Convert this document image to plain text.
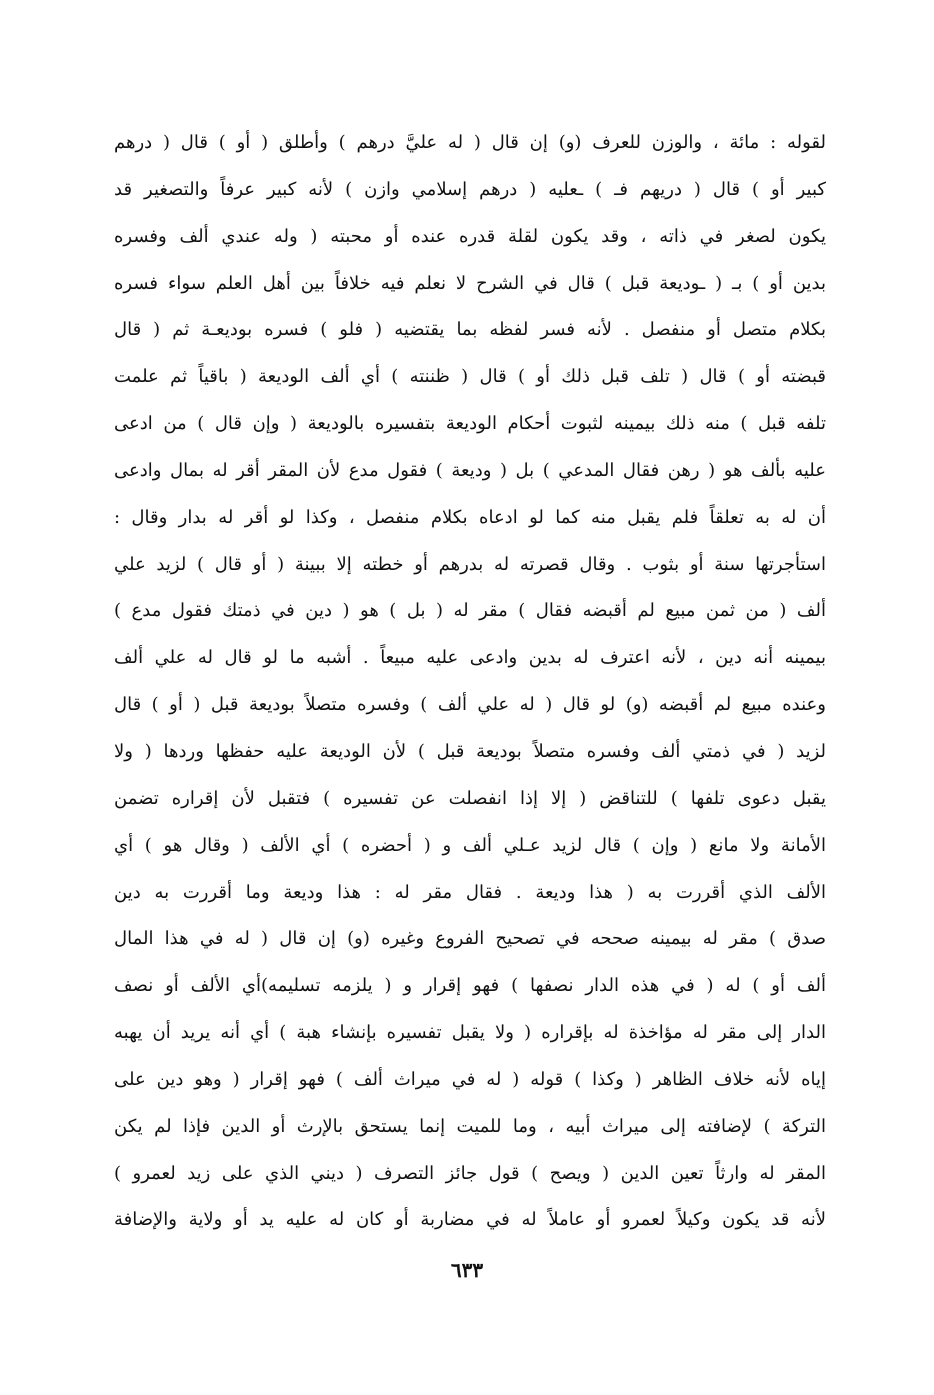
لقوله : مائة ، والوزن للعرف (و) إن قال ( له عليَّ درهم ) وأطلق ( أو ) قال ( درهم
كبير أو ) قال ( دريهم فـ ) ـعليه ( درهم إسلامي وازن ) لأنه كبير عرفاً والتصغير قد
يكون لصغر في ذاته ، وقد يكون لقلة قدره عنده أو محبته ( وله عندي ألف وفسره
بدين أو ) بـ ( ـوديعة قبل ) قال في الشرح لا نعلم فيه خلافاً بين أهل العلم سواء فسره
بكلام متصل أو منفصل . لأنه فسر لفظه بما يقتضيه ( فلو ) فسره بوديعـة ثم ( قال
قبضته أو ) قال ( تلف قبل ذلك أو ) قال ( ظننته ) أي ألف الوديعة ( باقياً ثم علمت
تلفه قبل ) منه ذلك بيمينه لثبوت أحكام الوديعة بتفسيره بالوديعة ( وإن قال ) من ادعى
عليه بألف هو ( رهن فقال المدعي ) بل ( وديعة ) فقول مدع لأن المقر أقر له بمال وادعى
أن له به تعلقاً فلم يقبل منه كما لو ادعاه بكلام منفصل ، وكذا لو أقر له بدار وقال :
استأجرتها سنة أو بثوب . وقال قصرته له بدرهم أو خطته إلا ببينة ( أو قال ) لزيد علي
ألف ( من ثمن مبيع لم أقبضه فقال ) مقر له ( بل ) هو ( دين في ذمتك فقول مدع )
بيمينه أنه دين ، لأنه اعترف له بدين وادعى عليه مبيعاً . أشبه ما لو قال له علي ألف
وعنده مبيع لم أقبضه (و) لو قال ( له علي ألف ) وفسره متصلاً بوديعة قبل ( أو ) قال
لزيد ( في ذمتي ألف وفسره متصلاً بوديعة قبل ) لأن الوديعة عليه حفظها وردها ( ولا
يقبل دعوى تلفها ) للتناقض ( إلا إذا انفصلت عن تفسيره ) فتقبل لأن إقراره تضمن
الأمانة ولا مانع ( وإن ) قال لزيد عـلي ألف و ( أحضره ) أي الألف ( وقال هو ) أي
الألف الذي أقررت به ( هذا وديعة . فقال مقر له : هذا وديعة وما أقررت به دين
صدق ) مقر له بيمينه صححه في تصحيح الفروع وغيره (و) إن قال ( له في هذا المال
ألف أو ) له ( في هذه الدار نصفها ) فهو إقرار و ( يلزمه تسليمه)أي الألف أو نصف
الدار إلى مقر له مؤاخذة له بإقراره ( ولا يقبل تفسيره بإنشاء هبة ) أي أنه يريد أن يهبه
إياه لأنه خلاف الظاهر ( وكذا ) قوله ( له في ميراث ألف ) فهو إقرار ( وهو دين على
التركة ) لإضافته إلى ميراث أبيه ، وما للميت إنما يستحق بالإرث أو الدين فإذا لم يكن
المقر له وارثاً تعين الدين ( ويصح ) قول جائز التصرف ( ديني الذي على زيد لعمرو )
لأنه قد يكون وكيلاً لعمرو أو عاملاً له في مضاربة أو كان له عليه يد أو ولاية والإضافة
٦٣٣
